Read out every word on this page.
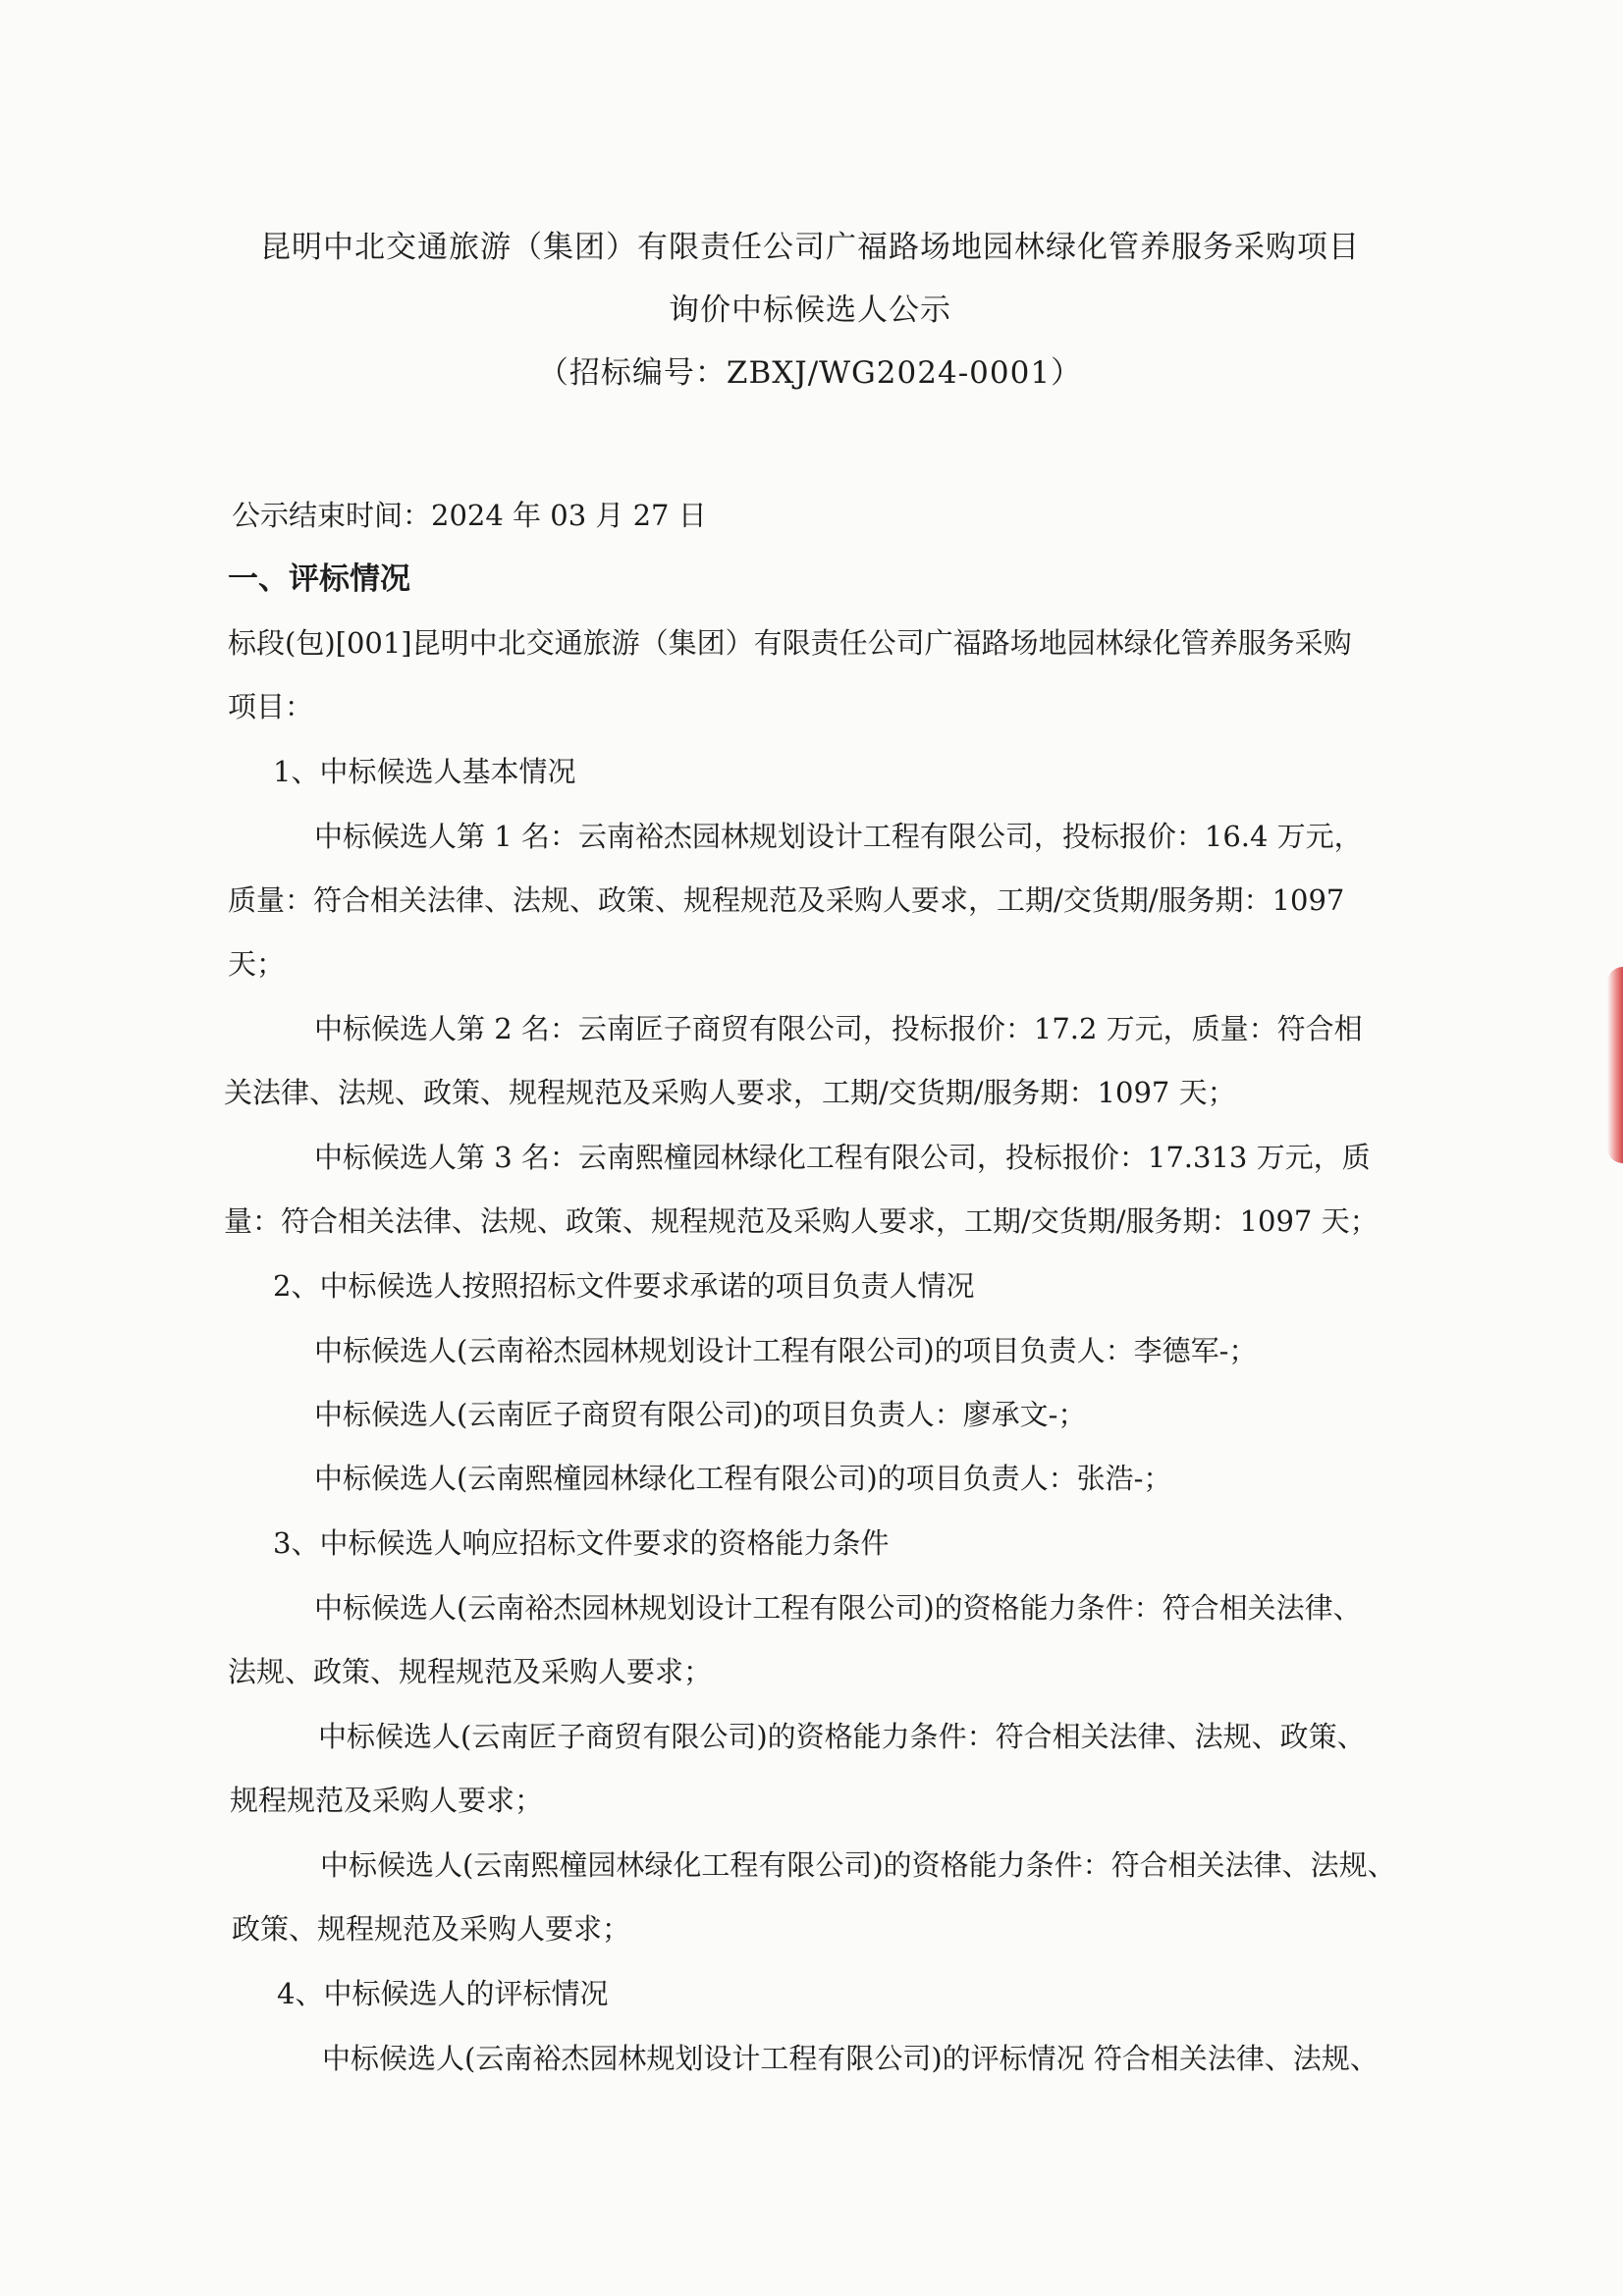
昆明中北交通旅游（集团）有限责任公司广福路场地园林绿化管养服务采购项目
询价中标候选人公示
（招标编号：ZBXJ/WG2024-0001）
公示结束时间：2024 年 03 月 27 日
一、评标情况
标段(包)[001]昆明中北交通旅游（集团）有限责任公司广福路场地园林绿化管养服务采购
项目：
1、中标候选人基本情况
中标候选人第 1 名：云南裕杰园林规划设计工程有限公司，投标报价：16.4 万元，
质量：符合相关法律、法规、政策、规程规范及采购人要求，工期/交货期/服务期：1097
天；
中标候选人第 2 名：云南匠子商贸有限公司，投标报价：17.2 万元，质量：符合相
关法律、法规、政策、规程规范及采购人要求，工期/交货期/服务期：1097 天；
中标候选人第 3 名：云南熙橦园林绿化工程有限公司，投标报价：17.313 万元，质
量：符合相关法律、法规、政策、规程规范及采购人要求，工期/交货期/服务期：1097 天；
2、中标候选人按照招标文件要求承诺的项目负责人情况
中标候选人(云南裕杰园林规划设计工程有限公司)的项目负责人：李德军-；
中标候选人(云南匠子商贸有限公司)的项目负责人：廖承文-；
中标候选人(云南熙橦园林绿化工程有限公司)的项目负责人：张浩-；
3、中标候选人响应招标文件要求的资格能力条件
中标候选人(云南裕杰园林规划设计工程有限公司)的资格能力条件：符合相关法律、
法规、政策、规程规范及采购人要求；
中标候选人(云南匠子商贸有限公司)的资格能力条件：符合相关法律、法规、政策、
规程规范及采购人要求；
中标候选人(云南熙橦园林绿化工程有限公司)的资格能力条件：符合相关法律、法规、
政策、规程规范及采购人要求；
4、中标候选人的评标情况
中标候选人(云南裕杰园林规划设计工程有限公司)的评标情况 符合相关法律、法规、
